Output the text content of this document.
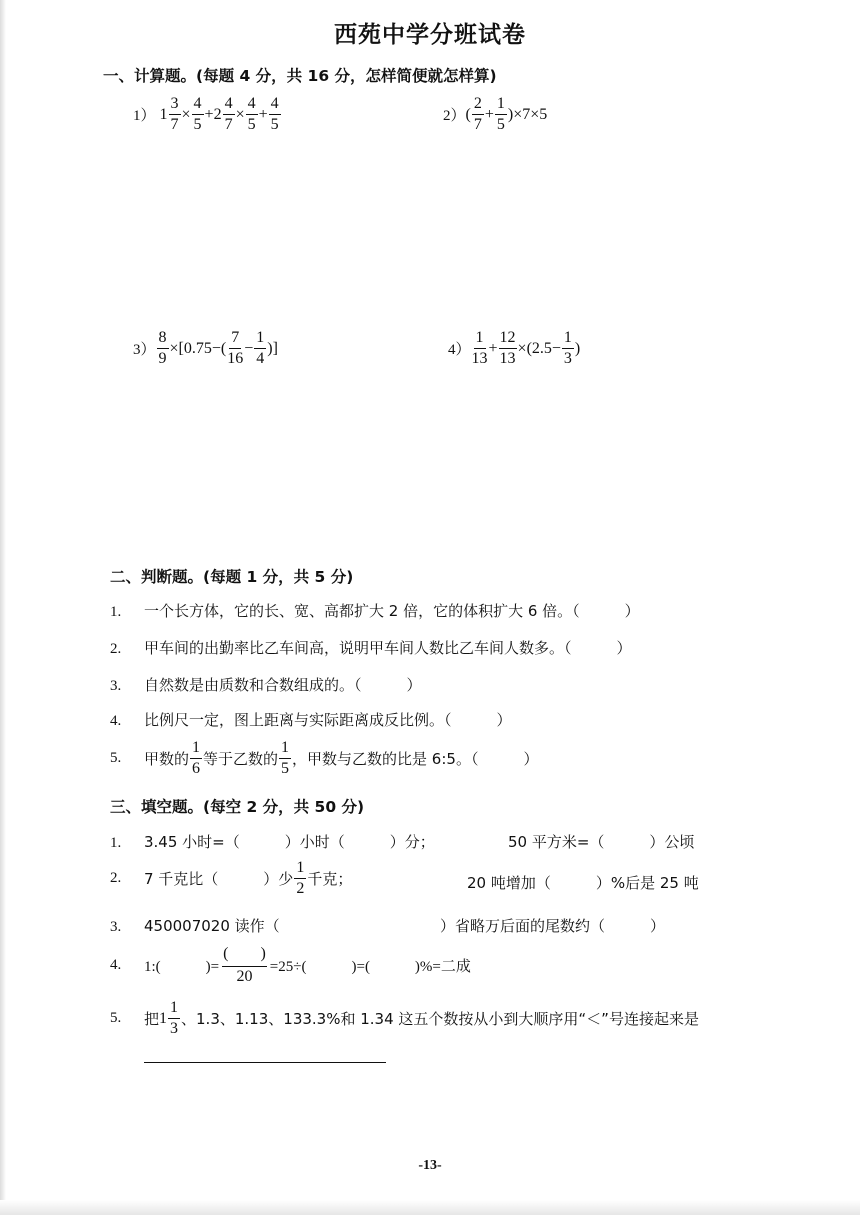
西苑中学分班试卷
一、计算题。(每题 4 分，共 16 分，怎样简便就怎样算)
1） $1 \frac{3}{7} \times \frac{4}{5} + 2 \frac{4}{7} \times \frac{4}{5} + \frac{4}{5}$	2） ( $\frac{2}{7} + \frac{1}{5} )\times 7\times 5$
$3) \frac{8}{9} \times[0.75-( \frac{7}{16} - \frac{1}{4}$ )]	$4) \frac{1}{13} + \frac{12}{13} \times(2.5- \frac{1}{3}$ )
二、判断题。(每题 1 分，共 5 分)
1. 一个长方体，它的长、宽、高都扩大 2 倍，它的体积扩大 6 倍。（　　　）
2. 甲车间的出勤率比乙车间高，说明甲车间人数比乙车间人数多。（　　　）
3. 自然数是由质数和合数组成的。（　　　）
4. 比例尺一定，图上距离与实际距离成反比例。（　　　）
5.	甲数的 $\frac{1}{6}$ 等于乙数的 $\frac{1}{5}$ ，甲数与乙数的比是 6:5。（　　　）
三、填空题。(每空 2 分，共 50 分)
1. 3.45 小时=（　　　）小时（　　　）分；	50 平方米=（　　　）公顷
2.	7 千克比（　　　）少 $\frac{1}{2}$ 千克；	20 吨增加（　　　）%后是 25 吨
3. 450007020 读作（	）省略万后面的尾数约（　　　）
4.	1:(　　　)= $\frac{( )}{20} =25\div$(　　　)=(　　　)%=二成
5.	把 $1 \frac{1}{3}$ 、1.3、1.13、133.3%和 1.34 这五个数按从小到大顺序用“＜”号连接起来是
-13-
